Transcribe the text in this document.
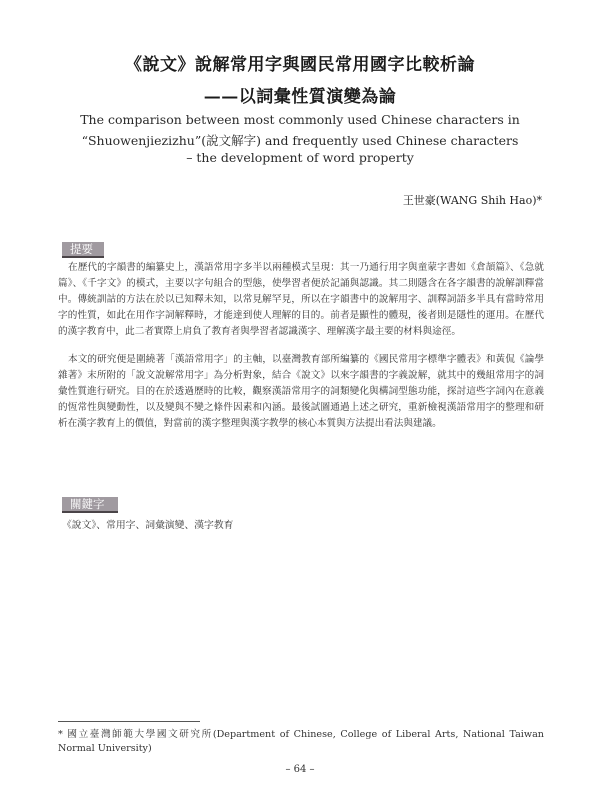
《說文》說解常用字與國民常用國字比較析論
——以詞彙性質演變為論
The comparison between most commonly used Chinese characters in
“Shuowenjiezizhu”(說文解字) and frequently used Chinese characters
– the development of word property
王世豪(WANG Shih Hao)*
提要

在歷代的字韻書的編纂史上，漢語常用字多半以兩種模式呈現：其一乃通行用字與童蒙字書如《倉頡篇》、《急就篇》、《千字文》的模式，主要以字句組合的型態，使學習者便於記誦與認識。其二則隱含在各字韻書的說解訓釋當中。傳統訓詁的方法在於以已知釋未知，以常見解罕見，所以在字韻書中的說解用字、訓釋詞語多半具有當時常用字的性質，如此在用作字詞解釋時，才能達到使人理解的目的。前者是顯性的體現，後者則是隱性的運用。在歷代的漢字教育中，此二者實際上肩負了教育者與學習者認識漢字、理解漢字最主要的材料與途徑。

本文的研究便是圍繞著「漢語常用字」的主軸，以臺灣教育部所編纂的《國民常用字標準字體表》和黃侃《論學雜著》末所附的「說文說解常用字」為分析對象，結合《說文》以來字韻書的字義說解，就其中的幾組常用字的詞彙性質進行研究。目的在於透過歷時的比較，觀察漢語常用字的詞類變化與構詞型態功能，探討這些字詞內在意義的恆常性與變動性，以及變與不變之條件因素和內涵。最後試圖通過上述之研究，重新檢視漢語常用字的整理和研析在漢字教育上的價值，對當前的漢字整理與漢字教學的核心本質與方法提出看法與建議。

關鍵字
《說文》、常用字、詞彙演變、漢字教育

* 國立臺灣師範大學國文研究所(Department of Chinese, College of Liberal Arts, National Taiwan Normal University)

– 64 –
